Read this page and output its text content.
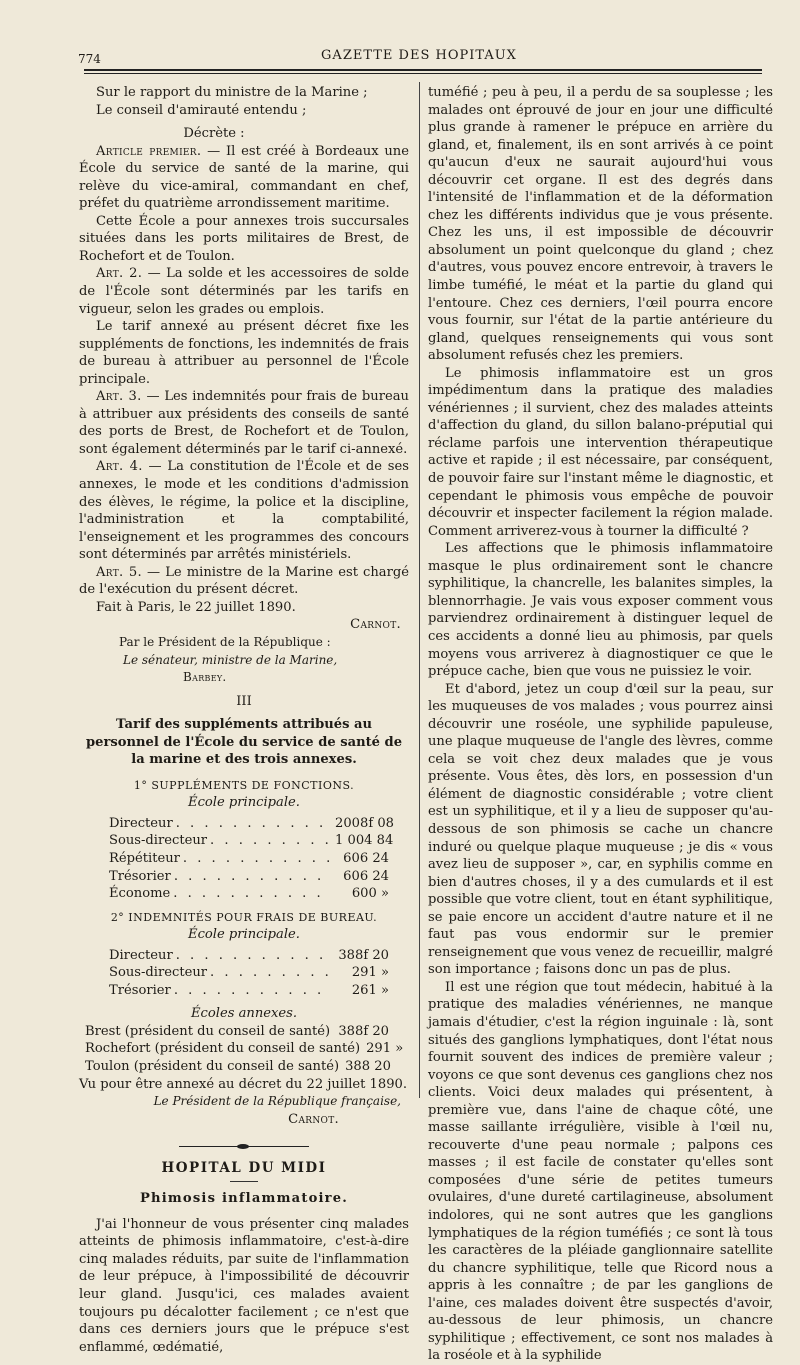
774	GAZETTE DES HOPITAUX

Sur le rapport du ministre de la Marine ;

Le conseil d'amirauté entendu ;

Décrète :

Article premier. — Il est créé à Bordeaux une École du service de santé de la marine, qui relève du vice-amiral, commandant en chef, préfet du quatrième arrondissement maritime.

Cette École a pour annexes trois succursales situées dans les ports militaires de Brest, de Rochefort et de Toulon.

Art. 2. — La solde et les accessoires de solde de l'École sont déterminés par les tarifs en vigueur, selon les grades ou emplois.

Le tarif annexé au présent décret fixe les suppléments de fonctions, les indemnités de frais de bureau à attribuer au personnel de l'École principale.

Art. 3. — Les indemnités pour frais de bureau à attribuer aux présidents des conseils de santé des ports de Brest, de Rochefort et de Toulon, sont également déterminés par le tarif ci-annexé.

Art. 4. — La constitution de l'École et de ses annexes, le mode et les conditions d'admission des élèves, le régime, la police et la discipline, l'administration et la comptabilité, l'enseignement et les programmes des concours sont déterminés par arrêtés ministériels.

Art. 5. — Le ministre de la Marine est chargé de l'exécution du présent décret.

Fait à Paris, le 22 juillet 1890.

Carnot.

Par le Président de la République :

Le sénateur, ministre de la Marine,

Barbey.

III

Tarif des suppléments attribués au personnel de l'École du service de santé de la marine et des trois annexes.

1° SUPPLÉMENTS DE FONCTIONS.

École principale.

Directeur . . .	2008f 08
Sous-directeur . . .	1 004 84
Répétiteur . . .	606 24
Trésorier . . .	606 24
Économe . . .	600 »

2° INDEMNITÉS POUR FRAIS DE BUREAU.

École principale.

Directeur . . .	388f 20
Sous-directeur . . .	291 »
Trésorier . . .	261 »

Écoles annexes.

Brest (président du conseil de santé) 388f 20
Rochefort (président du conseil de santé) 291 »
Toulon (président du conseil de santé) 388 20

Vu pour être annexé au décret du 22 juillet 1890.

Le Président de la République française,

Carnot.

HOPITAL DU MIDI

Phimosis inflammatoire.

J'ai l'honneur de vous présenter cinq malades atteints de phimosis inflammatoire, c'est-à-dire cinq malades réduits, par suite de l'inflammation de leur prépuce, à l'impossibilité de découvrir leur gland. Jusqu'ici, ces malades avaient toujours pu décalotter facilement ; ce n'est que dans ces derniers jours que le prépuce s'est enflammé, œdématié,

tuméfié ; peu à peu, il a perdu de sa souplesse ; les malades ont éprouvé de jour en jour une difficulté plus grande à ramener le prépuce en arrière du gland, et, finalement, ils en sont arrivés à ce point qu'aucun d'eux ne saurait aujourd'hui vous découvrir cet organe. Il est des degrés dans l'intensité de l'inflammation et de la déformation chez les différents individus que je vous présente. Chez les uns, il est impossible de découvrir absolument un point quelconque du gland ; chez d'autres, vous pouvez encore entrevoir, à travers le limbe tuméfié, le méat et la partie du gland qui l'entoure. Chez ces derniers, l'œil pourra encore vous fournir, sur l'état de la partie antérieure du gland, quelques renseignements qui vous sont absolument refusés chez les premiers.

Le phimosis inflammatoire est un gros impédimentum dans la pratique des maladies vénériennes ; il survient, chez des malades atteints d'affection du gland, du sillon balano-préputial qui réclame parfois une intervention thérapeutique active et rapide ; il est nécessaire, par conséquent, de pouvoir faire sur l'instant même le diagnostic, et cependant le phimosis vous empêche de pouvoir découvrir et inspecter facilement la région malade. Comment arriverez-vous à tourner la difficulté ?

Les affections que le phimosis inflammatoire masque le plus ordinairement sont le chancre syphilitique, la chancrelle, les balanites simples, la blennorrhagie. Je vais vous exposer comment vous parviendrez ordinairement à distinguer lequel de ces accidents a donné lieu au phimosis, par quels moyens vous arriverez à diagnostiquer ce que le prépuce cache, bien que vous ne puissiez le voir.

Et d'abord, jetez un coup d'œil sur la peau, sur les muqueuses de vos malades ; vous pourrez ainsi découvrir une roséole, une syphilide papuleuse, une plaque muqueuse de l'angle des lèvres, comme cela se voit chez deux malades que je vous présente. Vous êtes, dès lors, en possession d'un élément de diagnostic considérable ; votre client est un syphilitique, et il y a lieu de supposer qu'au-dessous de son phimosis se cache un chancre induré ou quelque plaque muqueuse ; je dis « vous avez lieu de supposer », car, en syphilis comme en bien d'autres choses, il y a des cumulards et il est possible que votre client, tout en étant syphilitique, se paie encore un accident d'autre nature et il ne faut pas vous endormir sur le premier renseignement que vous venez de recueillir, malgré son importance ; faisons donc un pas de plus.

Il est une région que tout médecin, habitué à la pratique des maladies vénériennes, ne manque jamais d'étudier, c'est la région inguinale : là, sont situés des ganglions lymphatiques, dont l'état nous fournit souvent des indices de première valeur ; voyons ce que sont devenus ces ganglions chez nos clients. Voici deux malades qui présentent, à première vue, dans l'aine de chaque côté, une masse saillante irrégulière, visible à l'œil nu, recouverte d'une peau normale ; palpons ces masses ; il est facile de constater qu'elles sont composées d'une série de petites tumeurs ovulaires, d'une dureté cartilagineuse, absolument indolores, qui ne sont autres que les ganglions lymphatiques de la région tuméfiés ; ce sont là tous les caractères de la pléiade ganglionnaire satellite du chancre syphilitique, telle que Ricord nous a appris à les connaître ; de par les ganglions de l'aine, ces malades doivent être suspectés d'avoir, au-dessous de leur phimosis, un chancre syphilitique ; effectivement, ce sont nos malades à la roséole et à la syphilide
